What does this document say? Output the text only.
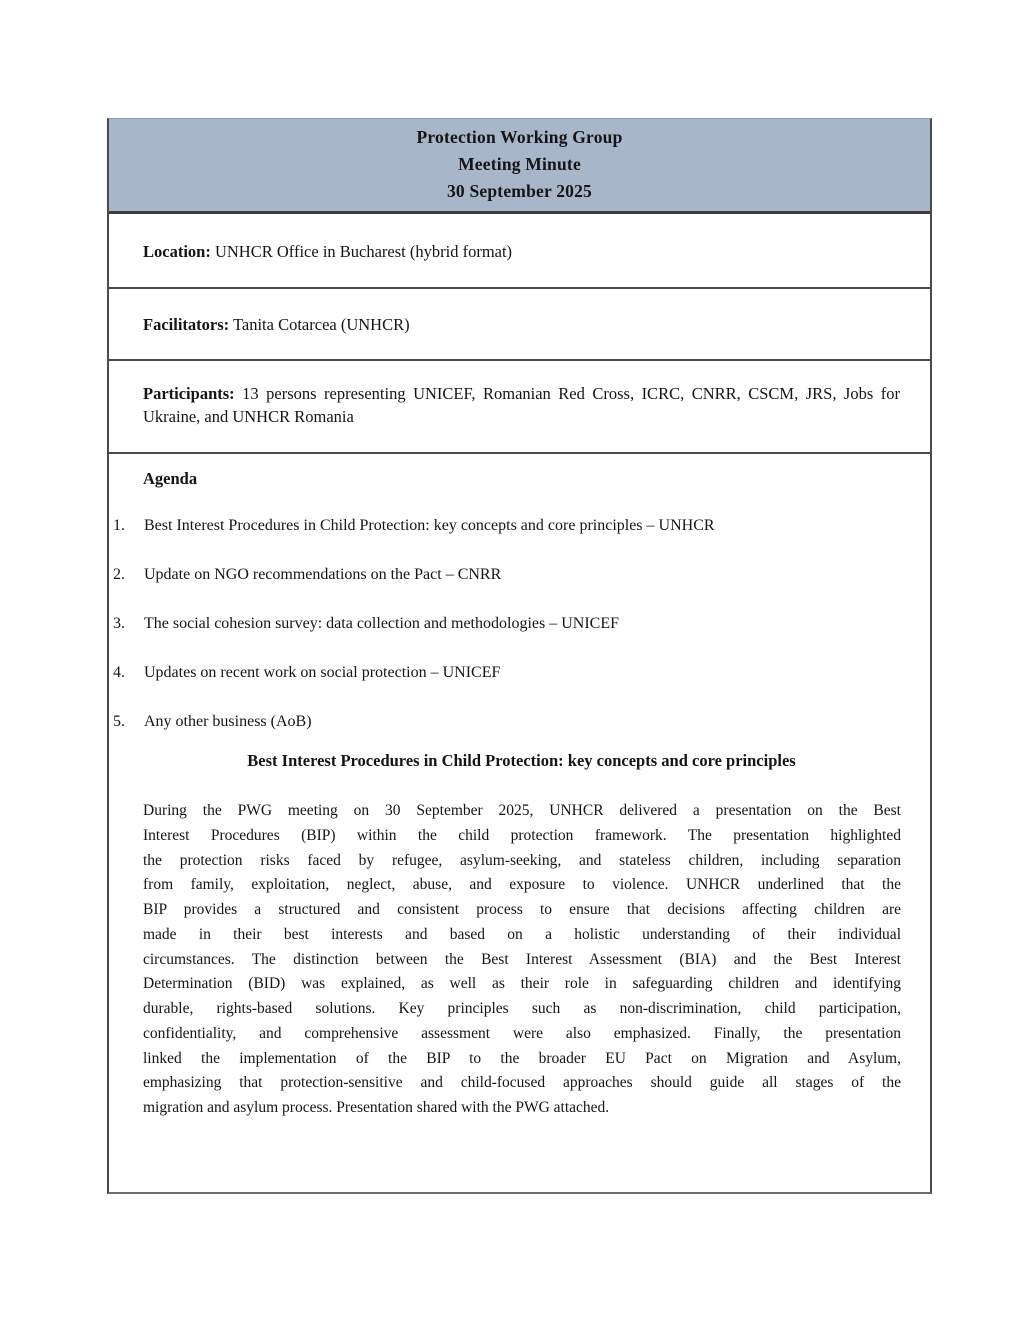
Protection Working Group
Meeting Minute
30 September 2025
Location: UNHCR Office in Bucharest (hybrid format)
Facilitators: Tanita Cotarcea (UNHCR)
Participants: 13 persons representing UNICEF, Romanian Red Cross, ICRC, CNRR, CSCM, JRS, Jobs for Ukraine, and UNHCR Romania
Agenda
1.	Best Interest Procedures in Child Protection: key concepts and core principles – UNHCR
2.	Update on NGO recommendations on the Pact – CNRR
3.	The social cohesion survey: data collection and methodologies – UNICEF
4.	Updates on recent work on social protection – UNICEF
5.	Any other business (AoB)
Best Interest Procedures in Child Protection: key concepts and core principles
During the PWG meeting on 30 September 2025, UNHCR delivered a presentation on the Best
Interest Procedures (BIP) within the child protection framework. The presentation highlighted
the protection risks faced by refugee, asylum-seeking, and stateless children, including separation
from family, exploitation, neglect, abuse, and exposure to violence. UNHCR underlined that the
BIP provides a structured and consistent process to ensure that decisions affecting children are
made in their best interests and based on a holistic understanding of their individual
circumstances. The distinction between the Best Interest Assessment (BIA) and the Best Interest
Determination (BID) was explained, as well as their role in safeguarding children and identifying
durable, rights-based solutions. Key principles such as non-discrimination, child participation,
confidentiality, and comprehensive assessment were also emphasized. Finally, the presentation
linked the implementation of the BIP to the broader EU Pact on Migration and Asylum,
emphasizing that protection-sensitive and child-focused approaches should guide all stages of the
migration and asylum process. Presentation shared with the PWG attached.
